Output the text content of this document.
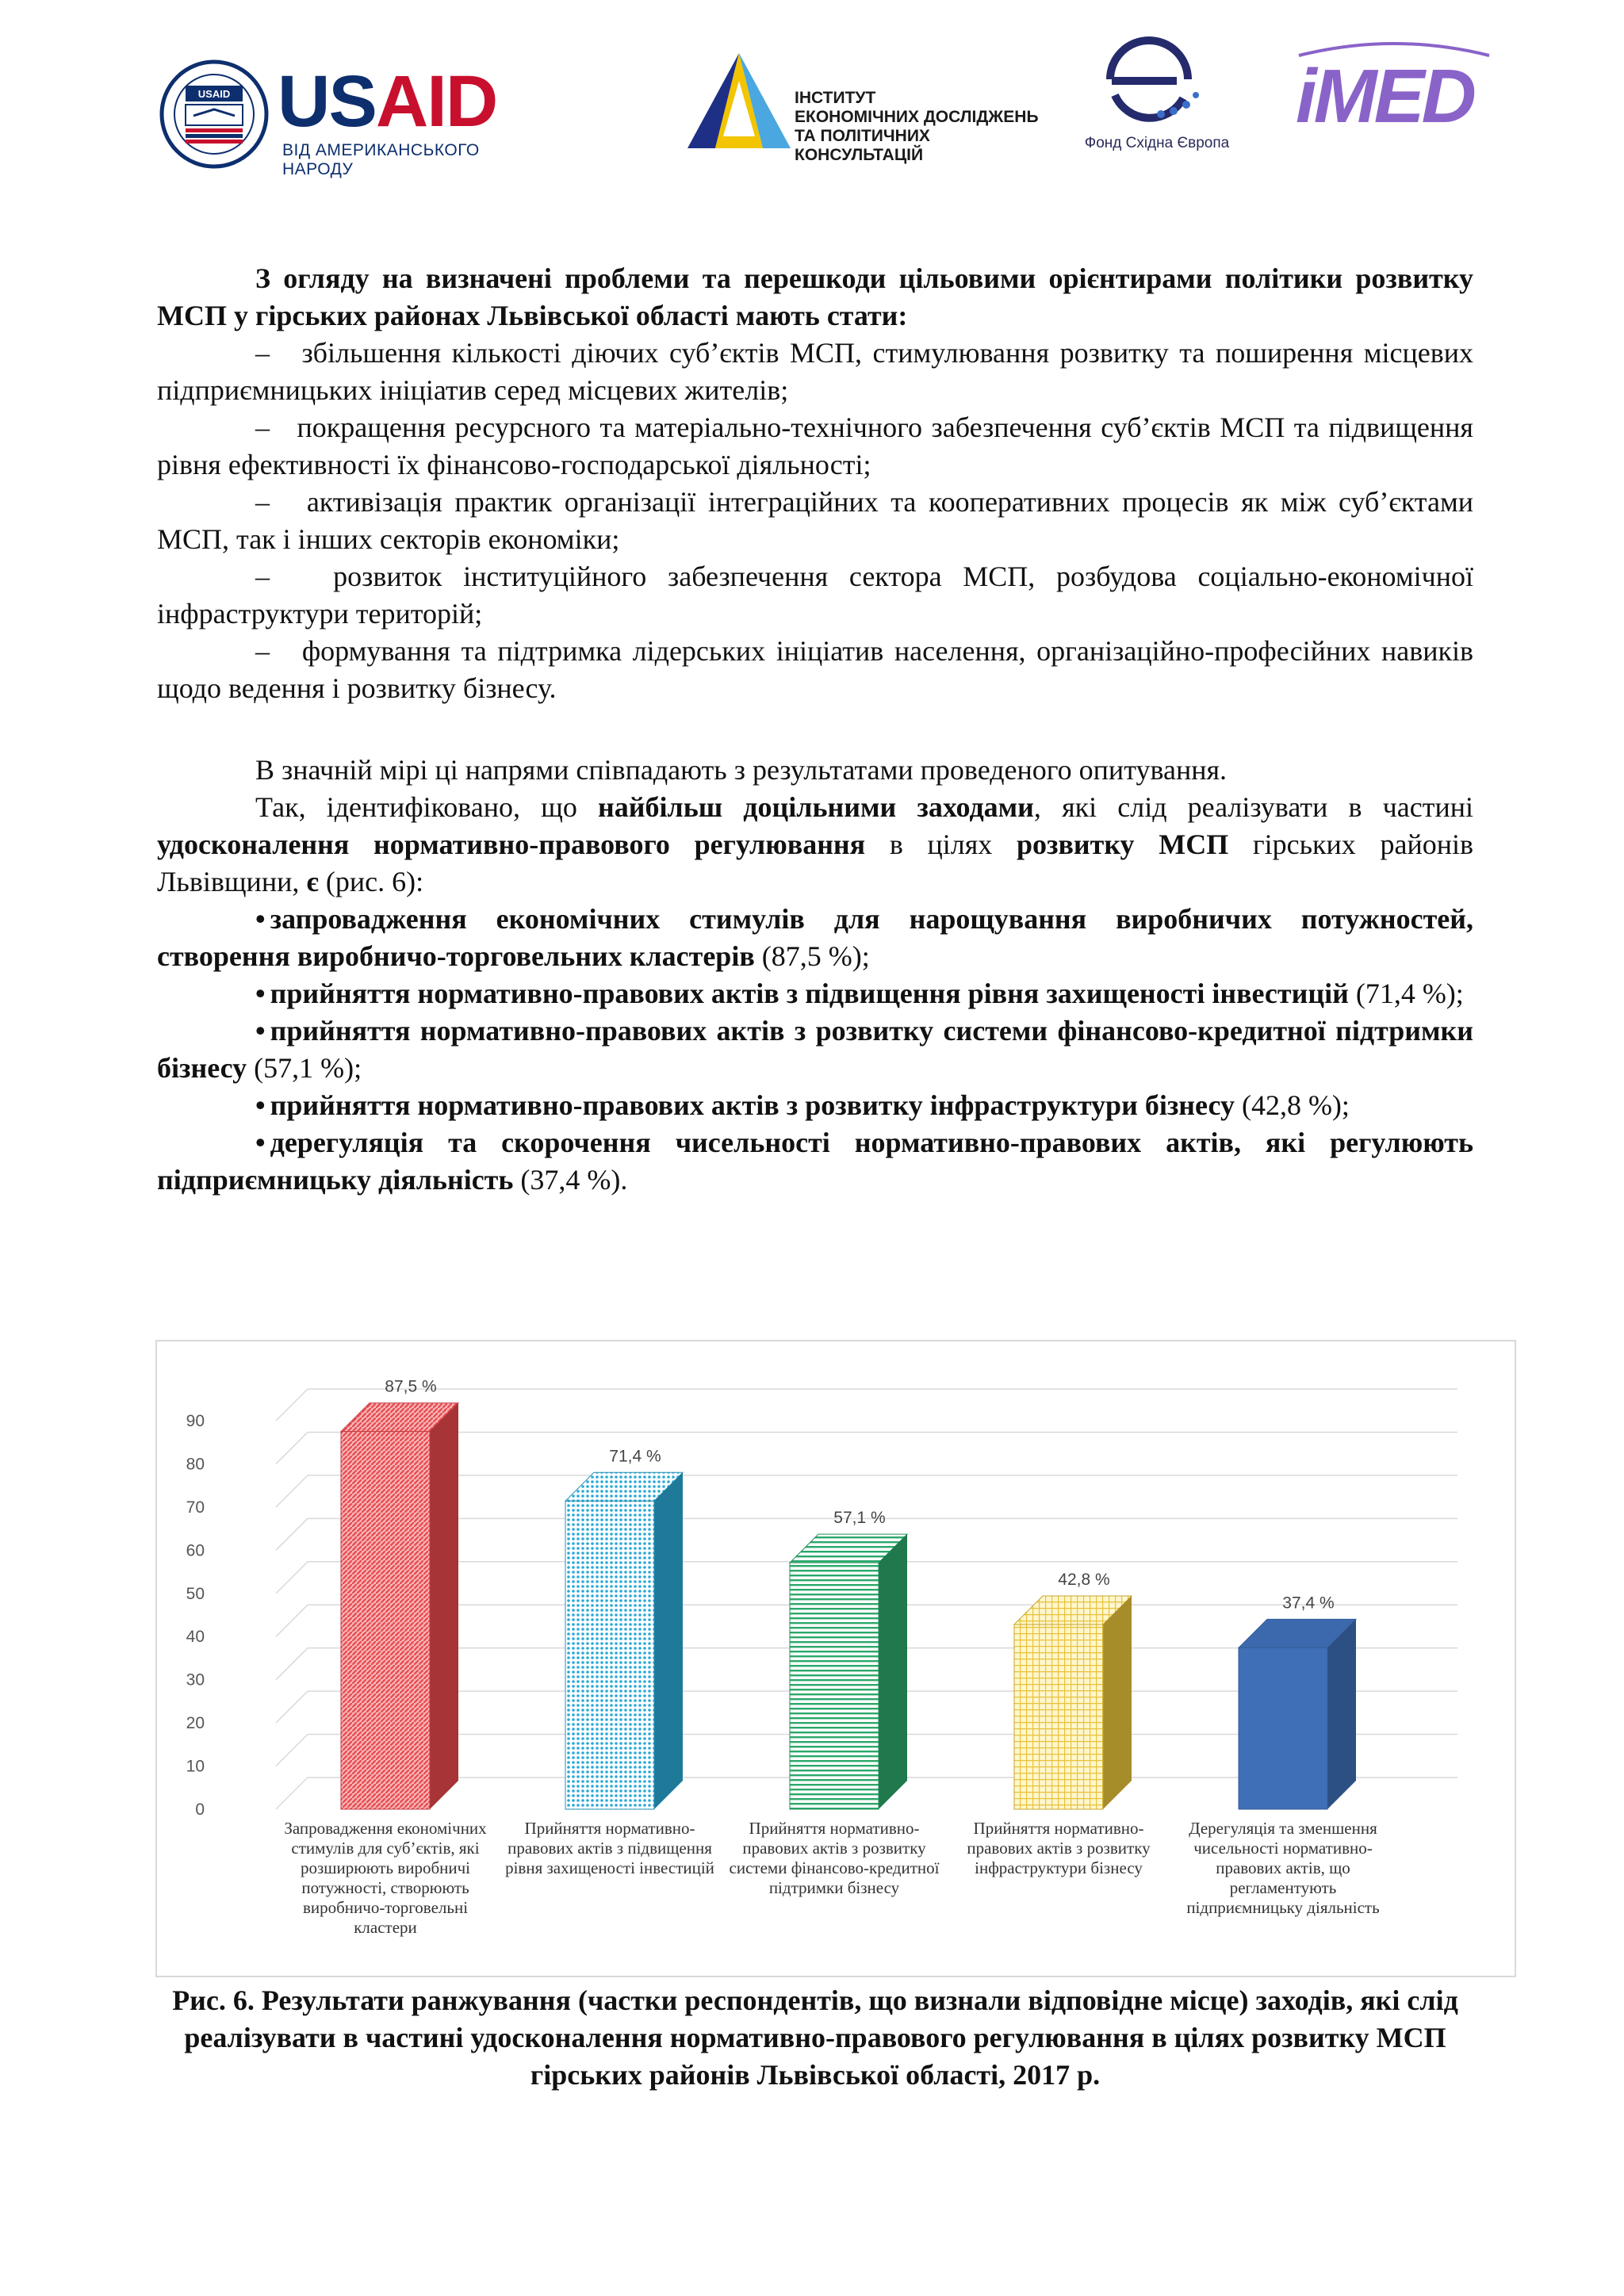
USAID USAID
ВІД АМЕРИКАНСЬКОГО НАРОДУ
ІНСТИТУТ
ЕКОНОМІЧНИХ ДОСЛІДЖЕНЬ
ТА ПОЛІТИЧНИХ КОНСУЛЬТАЦІЙ
Фонд Східна Європа
iMED

З огляду на визначені проблеми та перешкоди цільовими орієнтирами політики розвитку МСП у гірських районах Львівської області мають стати:

– збільшення кількості діючих суб’єктів МСП, стимулювання розвитку та поширення місцевих підприємницьких ініціатив серед місцевих жителів;

– покращення ресурсного та матеріально-технічного забезпечення суб’єктів МСП та підвищення рівня ефективності їх фінансово-господарської діяльності;

– активізація практик організації інтеграційних та кооперативних процесів як між суб’єктами МСП, так і інших секторів економіки;

– розвиток інституційного забезпечення сектора МСП, розбудова соціально-економічної інфраструктури територій;

– формування та підтримка лідерських ініціатив населення, організаційно-професійних навиків щодо ведення і розвитку бізнесу.

В значній мірі ці напрями співпадають з результатами проведеного опитування.

Так, ідентифіковано, що найбільш доцільними заходами, які слід реалізувати в частині удосконалення нормативно-правового регулювання в цілях розвитку МСП гірських районів Львівщини, є (рис. 6):

• запровадження економічних стимулів для нарощування виробничих потужностей, створення виробничо-торговельних кластерів (87,5 %);

• прийняття нормативно-правових актів з підвищення рівня захищеності інвестицій (71,4 %);

• прийняття нормативно-правових актів з розвитку системи фінансово-кредитної підтримки бізнесу (57,1 %);

• прийняття нормативно-правових актів з розвитку інфраструктури бізнесу (42,8 %);

• дерегуляція та скорочення чисельності нормативно-правових актів, які регулюють підприємницьку діяльність (37,4 %).

0
10
20
30
40
50
60
70
80
90
87,5 %
71,4 %
57,1 %
42,8 %
37,4 %
Запровадження економічних стимулів для суб’єктів, які розширюють виробничі потужності, створюють виробничо-торговельні кластери
Прийняття нормативно-правових актів з підвищення рівня захищеності інвестицій
Прийняття нормативно-правових актів з розвитку системи фінансово-кредитної підтримки бізнесу
Прийняття нормативно-правових актів з розвитку інфраструктури бізнесу
Дерегуляція та зменшення чисельності нормативно-правових актів, що регламентують підприємницьку діяльність
Рис. 6. Результати ранжування (частки респондентів, що визнали відповідне місце) заходів, які слід реалізувати в частині удосконалення нормативно-правового регулювання в цілях розвитку МСП гірських районів Львівської області, 2017 р.
